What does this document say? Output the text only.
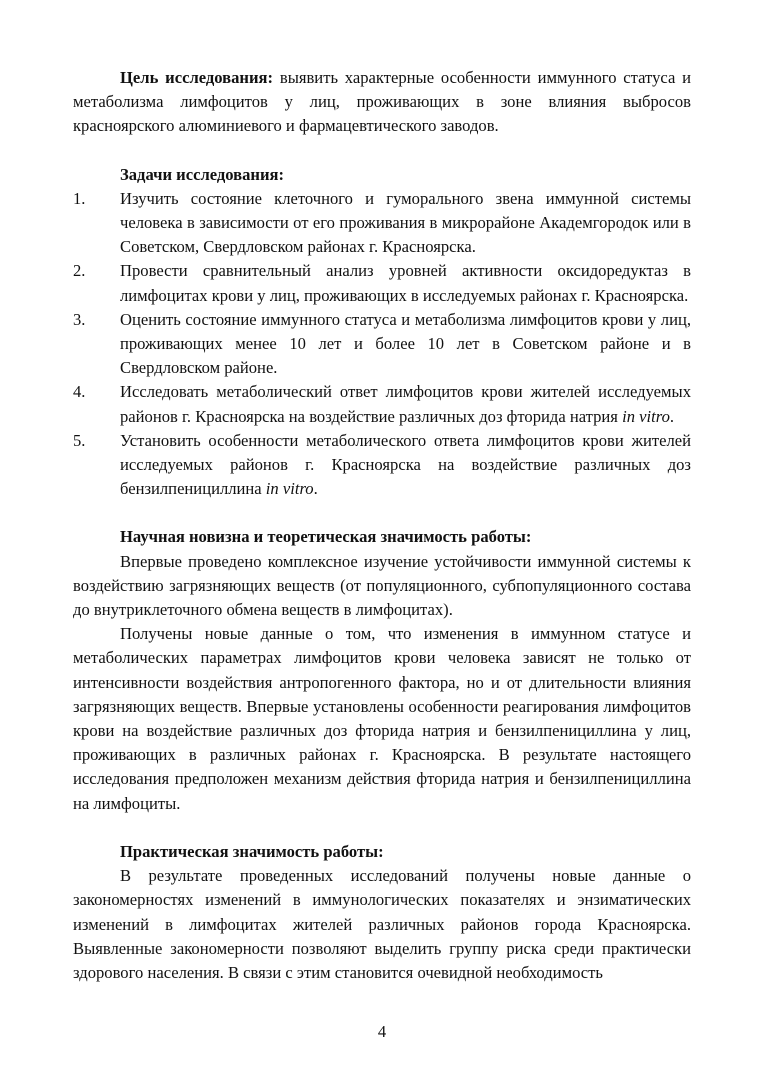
Цель исследования: выявить характерные особенности иммунного статуса и метаболизма лимфоцитов у лиц, проживающих в зоне влияния выбросов красноярского алюминиевого и фармацевтического заводов.

Задачи исследования:
1.	Изучить состояние клеточного и гуморального звена иммунной системы человека в зависимости от его проживания в микрорайоне Академгородок или в Советском, Свердловском районах г. Красноярска.
2.	Провести сравнительный анализ уровней активности оксидоредуктаз в лимфоцитах крови у лиц, проживающих в исследуемых районах г. Красноярска.
3.	Оценить состояние иммунного статуса и метаболизма лимфоцитов крови у лиц, проживающих менее 10 лет и более 10 лет в Советском районе и в Свердловском районе.
4.	Исследовать метаболический ответ лимфоцитов крови жителей исследуемых районов г. Красноярска на воздействие различных доз фторида натрия in vitro.
5.	Установить особенности метаболического ответа лимфоцитов крови жителей исследуемых районов г. Красноярска на воздействие различных доз бензилпенициллина in vitro.
Научная новизна и теоретическая значимость работы:

Впервые проведено комплексное изучение устойчивости иммунной системы к воздействию загрязняющих веществ (от популяционного, субпопуляционного состава до внутриклеточного обмена веществ в лимфоцитах).

Получены новые данные о том, что изменения в иммунном статусе и метаболических параметрах лимфоцитов крови человека зависят не только от интенсивности воздействия антропогенного фактора, но и от длительности влияния загрязняющих веществ. Впервые установлены особенности реагирования лимфоцитов крови на воздействие различных доз фторида натрия и бензилпенициллина у лиц, проживающих в различных районах г. Красноярска. В результате настоящего исследования предположен механизм действия фторида натрия и бензилпенициллина на лимфоциты.

Практическая значимость работы:

В результате проведенных исследований получены новые данные о закономерностях изменений в иммунологических показателях и энзиматических изменений в лимфоцитах жителей различных районов города Красноярска. Выявленные закономерности позволяют выделить группу риска среди практически здорового населения. В связи с этим становится очевидной необходимость

4
